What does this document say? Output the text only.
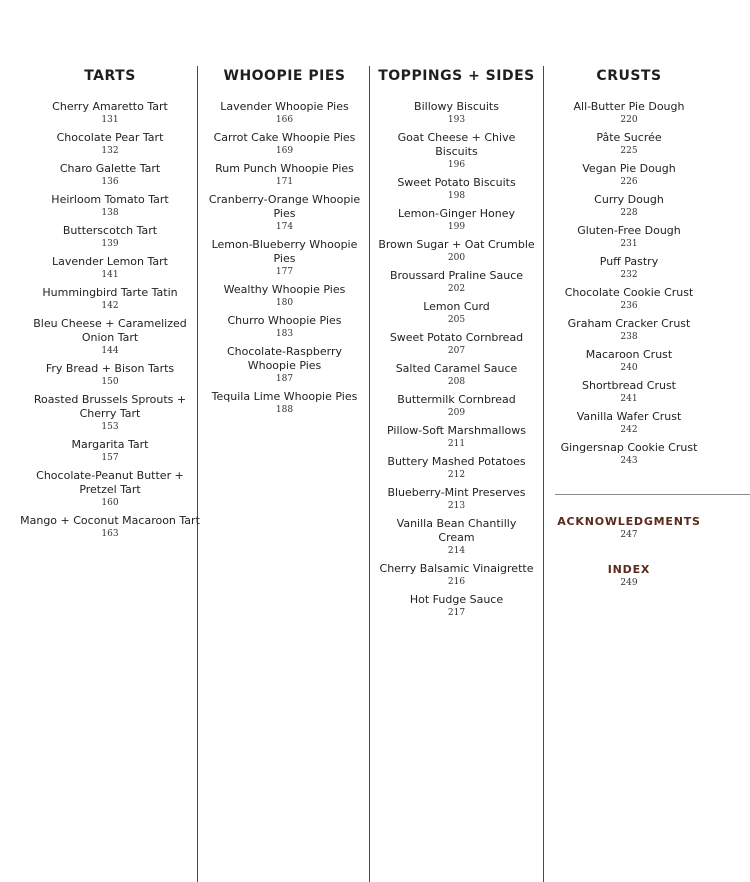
TARTS
Cherry Amaretto Tart
131
Chocolate Pear Tart
132
Charo Galette Tart
136
Heirloom Tomato Tart
138
Butterscotch Tart
139
Lavender Lemon Tart
141
Hummingbird Tarte Tatin
142
Bleu Cheese + Caramelized Onion Tart
144
Fry Bread + Bison Tarts
150
Roasted Brussels Sprouts + Cherry Tart
153
Margarita Tart
157
Chocolate-Peanut Butter + Pretzel Tart
160
Mango + Coconut Macaroon Tart
163
WHOOPIE PIES
Lavender Whoopie Pies
166
Carrot Cake Whoopie Pies
169
Rum Punch Whoopie Pies
171
Cranberry-Orange Whoopie Pies
174
Lemon-Blueberry Whoopie Pies
177
Wealthy Whoopie Pies
180
Churro Whoopie Pies
183
Chocolate-Raspberry Whoopie Pies
187
Tequila Lime Whoopie Pies
188
TOPPINGS + SIDES
Billowy Biscuits
193
Goat Cheese + Chive Biscuits
196
Sweet Potato Biscuits
198
Lemon-Ginger Honey
199
Brown Sugar + Oat Crumble
200
Broussard Praline Sauce
202
Lemon Curd
205
Sweet Potato Cornbread
207
Salted Caramel Sauce
208
Buttermilk Cornbread
209
Pillow-Soft Marshmallows
211
Buttery Mashed Potatoes
212
Blueberry-Mint Preserves
213
Vanilla Bean Chantilly Cream
214
Cherry Balsamic Vinaigrette
216
Hot Fudge Sauce
217
CRUSTS
All-Butter Pie Dough
220
Pâte Sucrée
225
Vegan Pie Dough
226
Curry Dough
228
Gluten-Free Dough
231
Puff Pastry
232
Chocolate Cookie Crust
236
Graham Cracker Crust
238
Macaroon Crust
240
Shortbread Crust
241
Vanilla Wafer Crust
242
Gingersnap Cookie Crust
243
ACKNOWLEDGMENTS
247
INDEX
249
